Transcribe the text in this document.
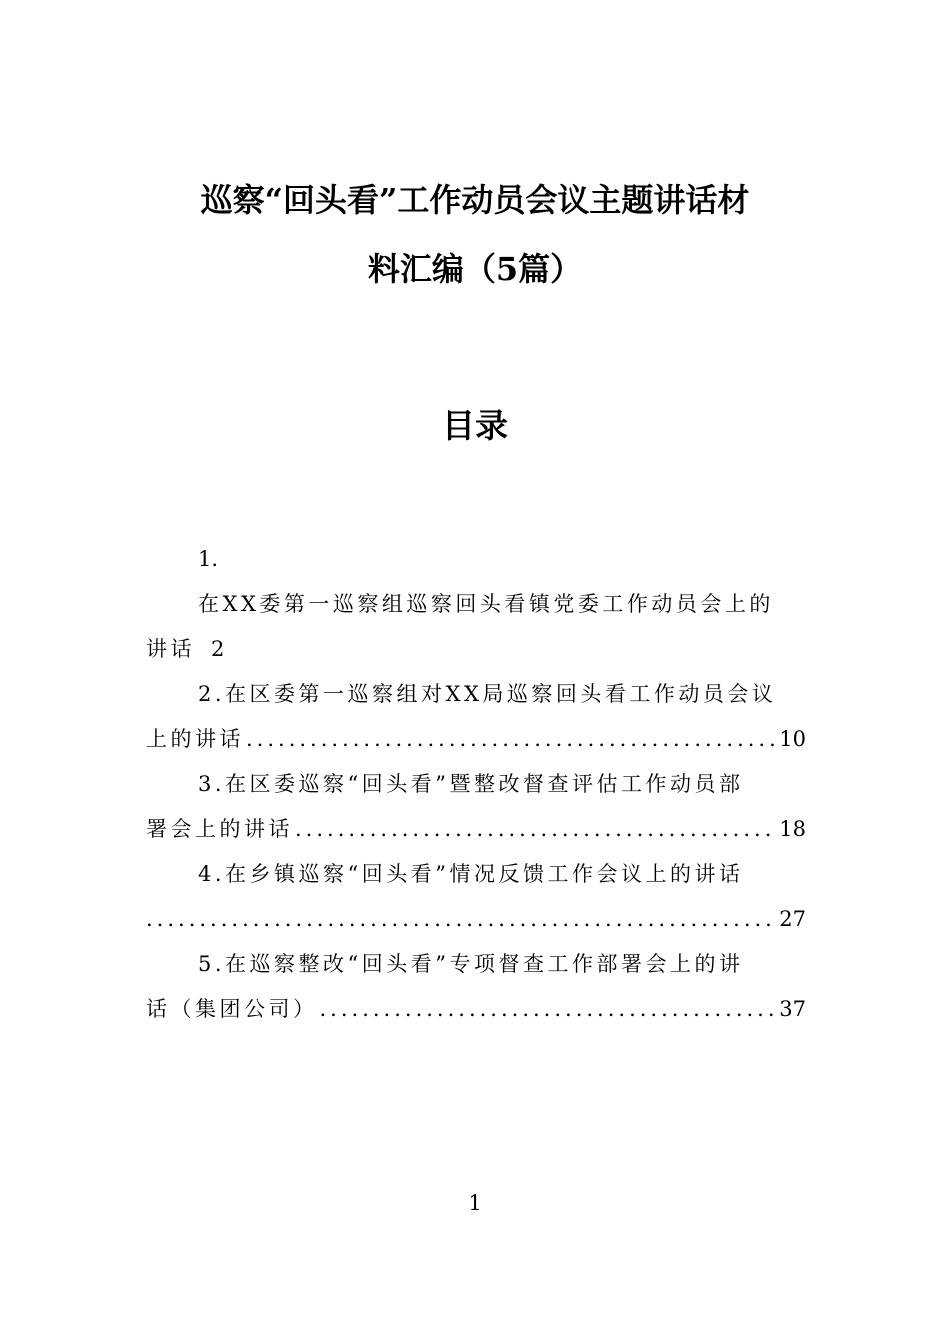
巡察“回头看”工作动员会议主题讲话材
料汇编（5篇）
目录
1.
在XX委第一巡察组巡察回头看镇党委工作动员会上的
讲话 2
2.在区委第一巡察组对XX局巡察回头看工作动员会议
上的讲话 .....	10
3.在区委巡察“回头看”暨整改督查评估工作动员部
署会上的讲话 .....	18
4.在乡镇巡察“回头看”情况反馈工作会议上的讲话
.....
27
5.在巡察整改“回头看”专项督查工作部署会上的讲
话（集团公司） .....	37
1
